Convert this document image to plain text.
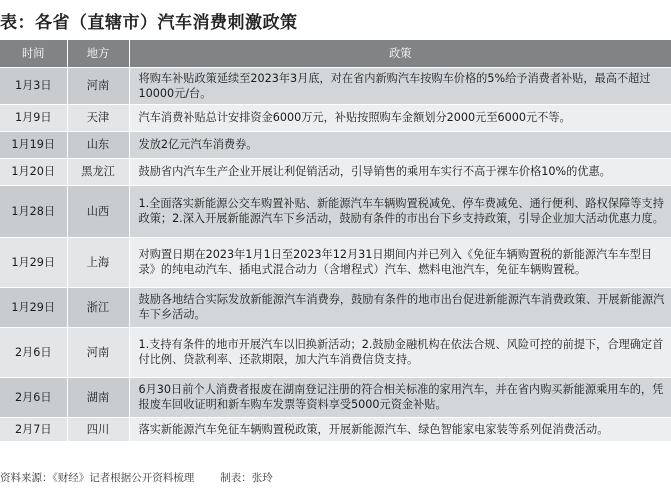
表：各省（直辖市）汽车消费刺激政策
时间	地方	政策
1月3日	河南	将购车补贴政策延续至2023年3月底，对在省内新购汽车按购车价格的5%给予消费者补贴，最高不超过10000元/台。
1月9日	天津	汽车消费补贴总计安排资金6000万元，补贴按照购车金额划分2000元至6000元不等。
1月19日	山东	发放2亿元汽车消费券。
1月20日	黑龙江	鼓励省内汽车生产企业开展让利促销活动，引导销售的乘用车实行不高于裸车价格10%的优惠。
1月28日	山西	1.全面落实新能源公交车购置补贴、新能源汽车车辆购置税减免、停车费减免、通行便利、路权保障等支持政策；2.深入开展新能源汽车下乡活动，鼓励有条件的市出台下乡支持政策，引导企业加大活动优惠力度。
1月29日	上海	对购置日期在2023年1月1日至2023年12月31日期间内并已列入《免征车辆购置税的新能源汽车车型目录》的纯电动汽车、插电式混合动力（含增程式）汽车、燃料电池汽车，免征车辆购置税。
1月29日	浙江	鼓励各地结合实际发放新能源汽车消费券，鼓励有条件的地市出台促进新能源汽车消费政策、开展新能源汽车下乡活动。
2月6日	河南	1.支持有条件的地市开展汽车以旧换新活动；2.鼓励金融机构在依法合规、风险可控的前提下，合理确定首付比例、贷款利率、还款期限，加大汽车消费信贷支持。
2月6日	湖南	6月30日前个人消费者报废在湖南登记注册的符合相关标准的家用汽车，并在省内购买新能源乘用车的，凭报废车回收证明和新车购车发票等资料享受5000元资金补贴。
2月7日	四川	落实新能源汽车免征车辆购置税政策，开展新能源汽车、绿色智能家电家装等系列促消费活动。
资料来源：《财经》记者根据公开资料梳理 制表：张玲
